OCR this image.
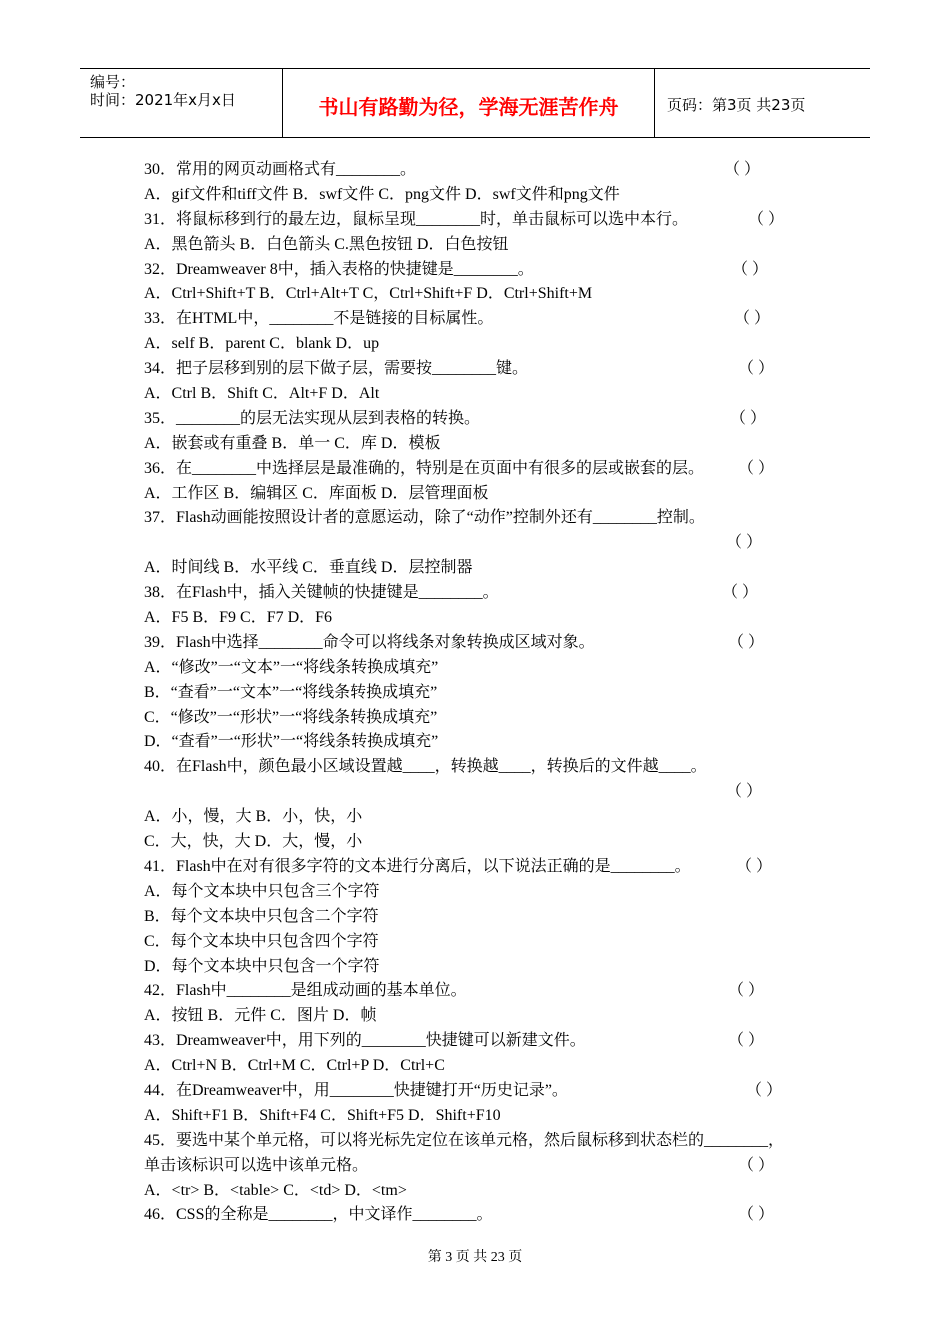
编号：
时间：2021年x月x日	书山有路勤为径，学海无涯苦作舟	页码：第3页 共23页
30．常用的网页动画格式有________。	（ ）
A．gif文件和tiff文件 B．swf文件 C．png文件 D．swf文件和png文件
31．将鼠标移到行的最左边，鼠标呈现________时，单击鼠标可以选中本行。	（ ）
A．黑色箭头 B．白色箭头 C.黑色按钮 D．白色按钮
32．Dreamweaver 8中，插入表格的快捷键是________。	（ ）
A．Ctrl+Shift+T B．Ctrl+Alt+T C，Ctrl+Shift+F D．Ctrl+Shift+M
33．在HTML中，________不是链接的目标属性。	（ ）
A．self B．parent C．blank D．up
34．把子层移到别的层下做子层，需要按________键。	（ ）
A．Ctrl B．Shift C．Alt+F D．Alt
35．________的层无法实现从层到表格的转换。	（ ）
A．嵌套或有重叠 B．单一 C．库 D．模板
36．在________中选择层是最准确的，特别是在页面中有很多的层或嵌套的层。 （ ）
A．工作区 B．编辑区 C．库面板 D．层管理面板
37．Flash动画能按照设计者的意愿运动，除了“动作”控制外还有________控制。
（ ）
A．时间线 B．水平线 C．垂直线 D．层控制器
38．在Flash中，插入关键帧的快捷键是________。	（ ）
A．F5 B．F9 C．F7 D．F6
39．Flash中选择________命令可以将线条对象转换成区域对象。	（ ）
A．“修改”一“文本”一“将线条转换成填充”
B．“查看”一“文本”一“将线条转换成填充”
C．“修改”一“形状”一“将线条转换成填充”
D．“查看”一“形状”一“将线条转换成填充”
40．在Flash中，颜色最小区域设置越____，转换越____，转换后的文件越____。
（ ）
A．小，慢，大 B．小，快，小
C．大，快，大 D．大，慢，小
41．Flash中在对有很多字符的文本进行分离后，以下说法正确的是________。	（ ）
A．每个文本块中只包含三个字符
B．每个文本块中只包含二个字符
C．每个文本块中只包含四个字符
D．每个文本块中只包含一个字符
42．Flash中________是组成动画的基本单位。	（ ）
A．按钮 B．元件 C．图片 D．帧
43．Dreamweaver中，用下列的________快捷键可以新建文件。	（ ）
A．Ctrl+N B．Ctrl+M C．Ctrl+P D．Ctrl+C
44．在Dreamweaver中，用________快捷键打开“历史记录”。	（ ）
A．Shift+F1 B．Shift+F4 C．Shift+F5 D．Shift+F10
45．要选中某个单元格，可以将光标先定位在该单元格，然后鼠标移到状态栏的________，
单击该标识可以选中该单元格。	（ ）
A．<tr> B．<table> C．<td> D．<tm>
46．CSS的全称是________，中文译作________。	（ ）
第 3 页 共 23 页
